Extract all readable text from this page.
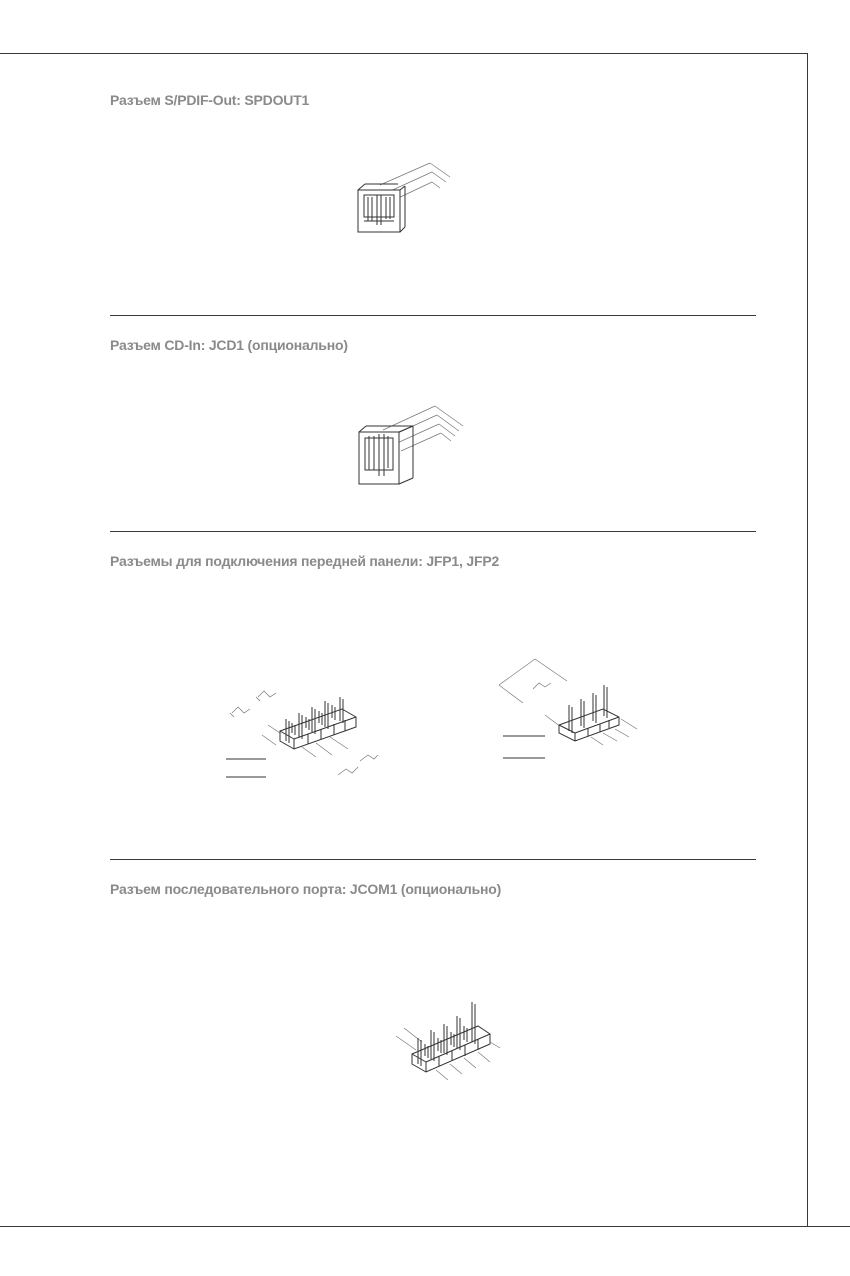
Разъем S/PDIF-Out: SPDOUT1
Разъем CD-In: JCD1 (опционально)
Разъемы для подключения передней панели: JFP1, JFP2
Разъем последовательного порта: JCOM1 (опционально)
